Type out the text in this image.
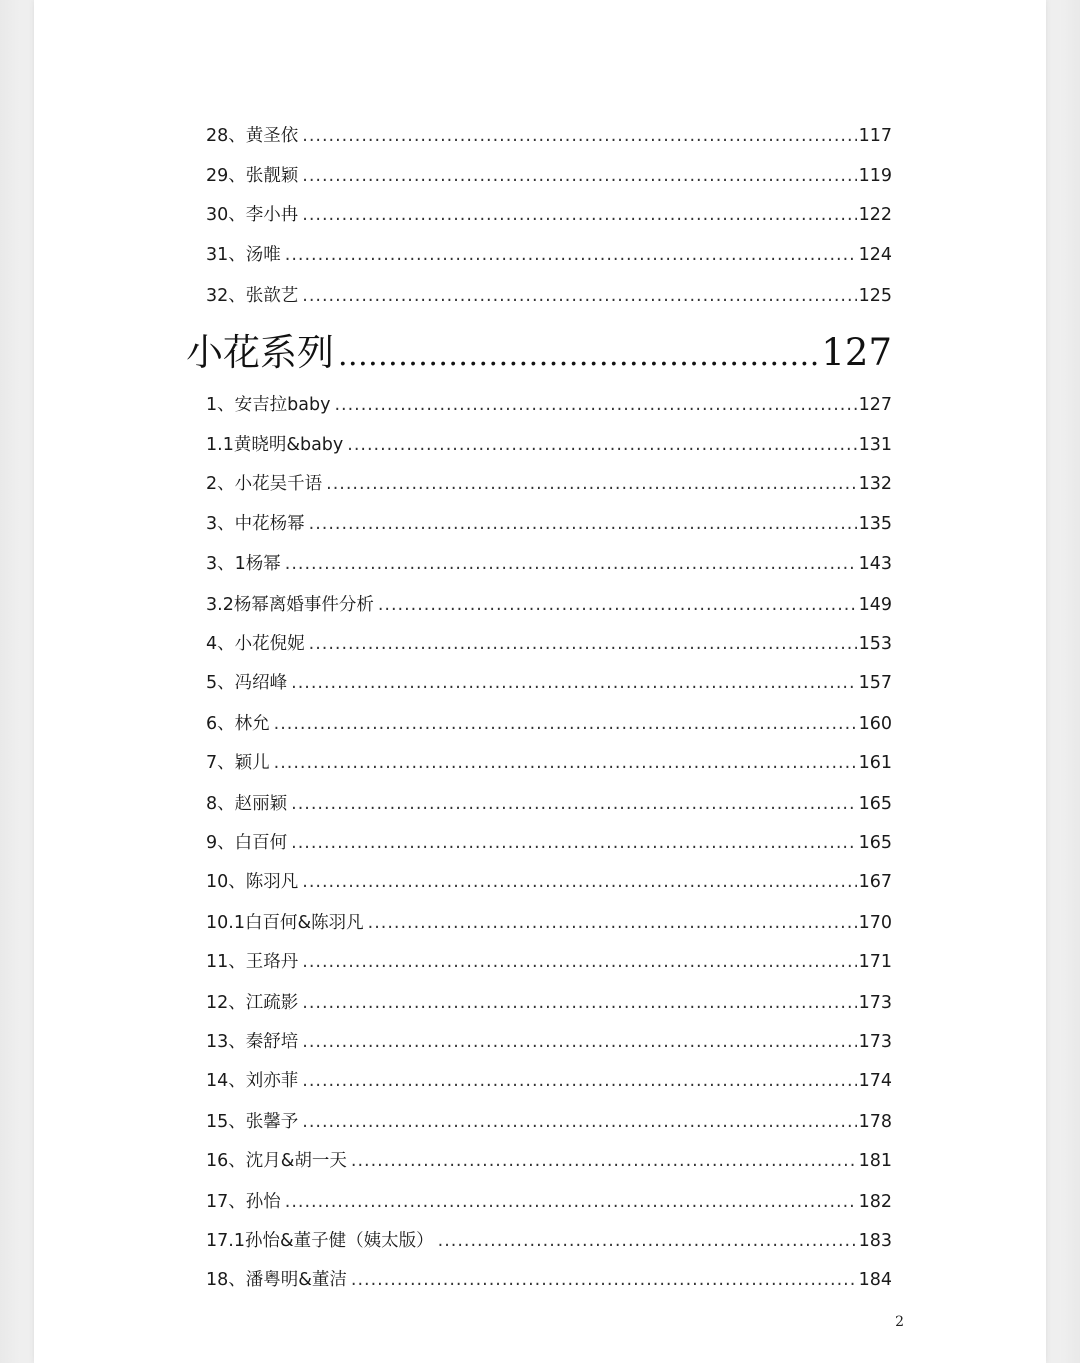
28、黄圣依 .....	117
29、张靓颖 .....	119
30、李小冉 .....	122
31、汤唯 .....	124
32、张歆艺 .....	125
小花系列 .....	127
1、安吉拉baby .....	127
1.1黄晓明&baby .....	131
2、小花吴千语 .....	132
3、中花杨幂 .....	135
3、1杨幂 .....	143
3.2杨幂离婚事件分析 .....	149
4、小花倪妮 .....	153
5、冯绍峰 .....	157
6、林允 .....	160
7、颖儿 .....	161
8、赵丽颖 .....	165
9、白百何 .....	165
10、陈羽凡 .....	167
10.1白百何&陈羽凡 .....	170
11、王珞丹 .....	171
12、江疏影 .....	173
13、秦舒培 .....	173
14、刘亦菲 .....	174
15、张馨予 .....	178
16、沈月&胡一天 .....	181
17、孙怡 .....	182
17.1孙怡&董子健（姨太版） .....	183
18、潘粤明&董洁 .....	184
2
